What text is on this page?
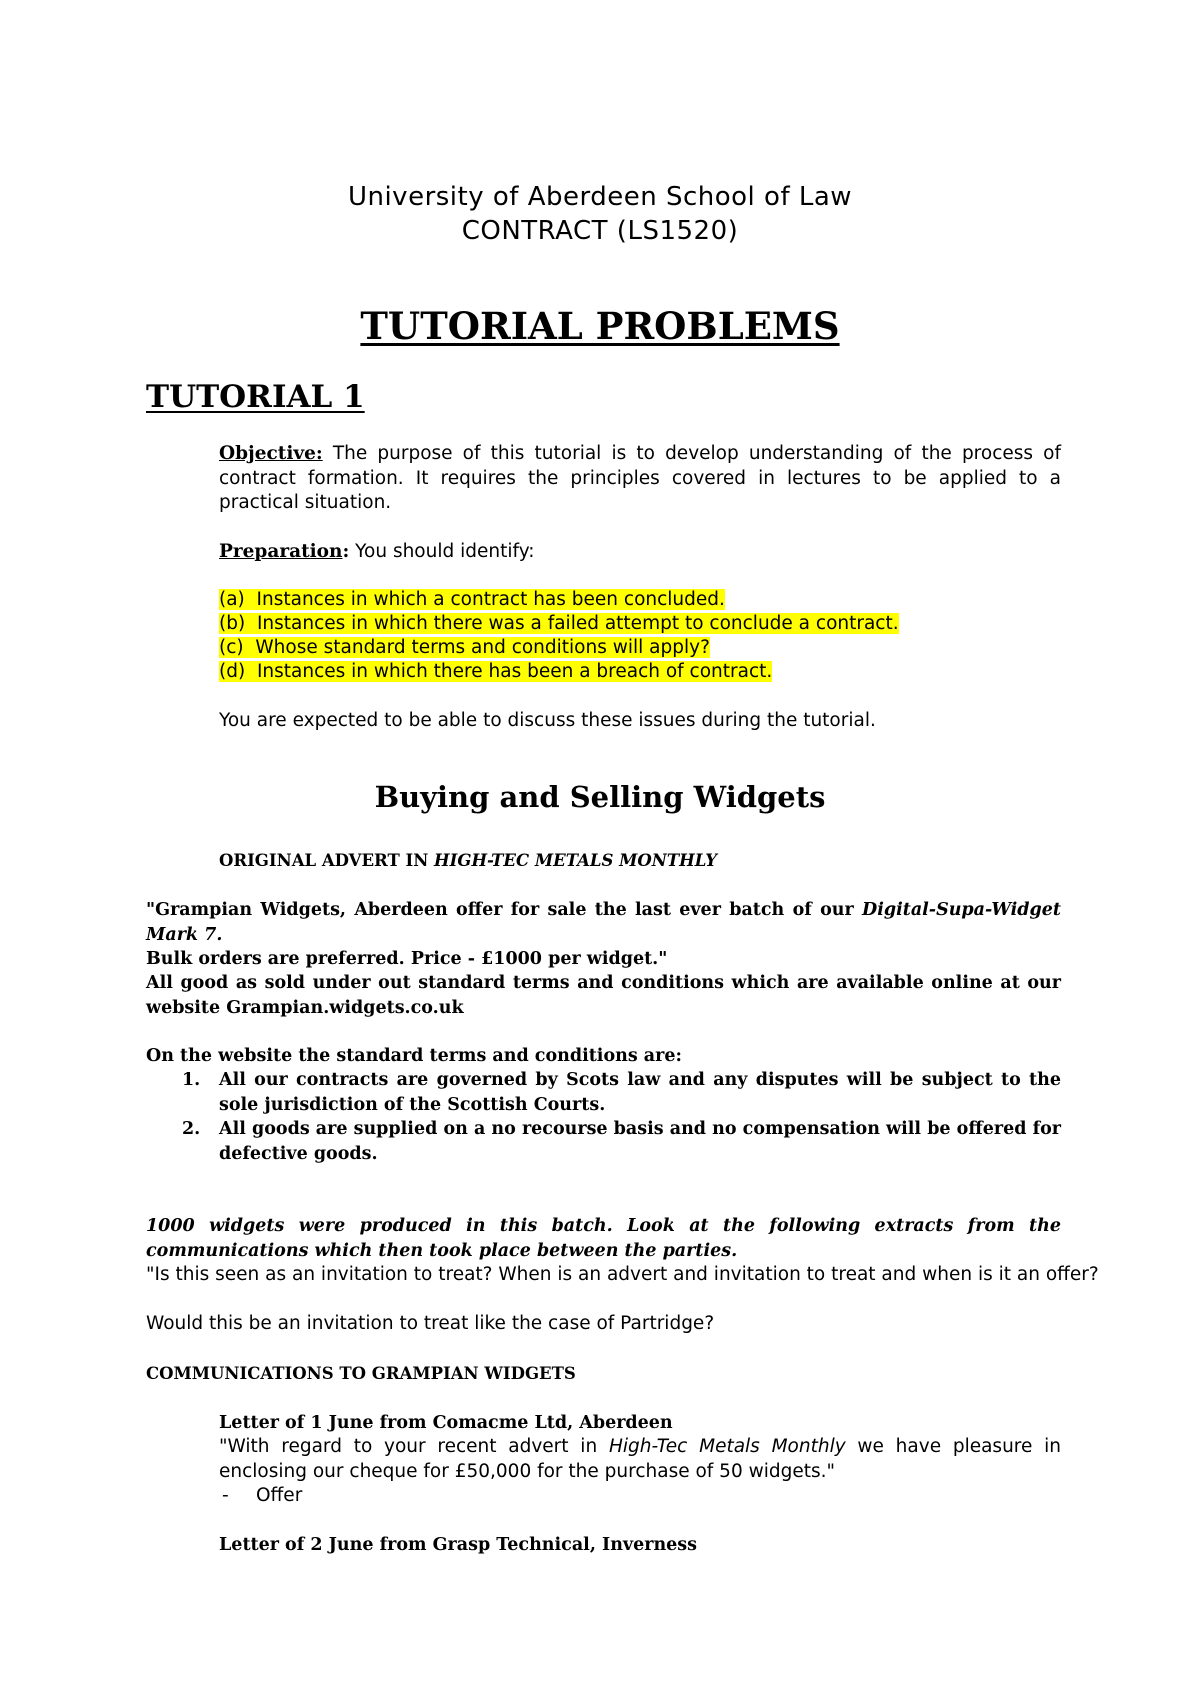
University of Aberdeen School of Law
CONTRACT (LS1520)
TUTORIAL PROBLEMS
TUTORIAL 1
Objective: The purpose of this tutorial is to develop understanding of the process of contract formation. It requires the principles covered in lectures to be applied to a practical situation.
Preparation: You should identify:
(a) Instances in which a contract has been concluded.
(b) Instances in which there was a failed attempt to conclude a contract.
(c) Whose standard terms and conditions will apply?
(d) Instances in which there has been a breach of contract.
You are expected to be able to discuss these issues during the tutorial.
Buying and Selling Widgets
ORIGINAL ADVERT IN HIGH-TEC METALS MONTHLY
"Grampian Widgets, Aberdeen offer for sale the last ever batch of our Digital-Supa-Widget Mark 7.
Bulk orders are preferred. Price - £1000 per widget."
All good as sold under out standard terms and conditions which are available online at our website Grampian.widgets.co.uk
On the website the standard terms and conditions are:
1. All our contracts are governed by Scots law and any disputes will be subject to the sole jurisdiction of the Scottish Courts.
2. All goods are supplied on a no recourse basis and no compensation will be offered for defective goods.
1000 widgets were produced in this batch. Look at the following extracts from the communications which then took place between the parties.
"Is this seen as an invitation to treat? When is an advert and invitation to treat and when is it an offer?
Would this be an invitation to treat like the case of Partridge?
COMMUNICATIONS TO GRAMPIAN WIDGETS
Letter of 1 June from Comacme Ltd, Aberdeen
"With regard to your recent advert in High-Tec Metals Monthly we have pleasure in enclosing our cheque for £50,000 for the purchase of 50 widgets."
- Offer
Letter of 2 June from Grasp Technical, Inverness
